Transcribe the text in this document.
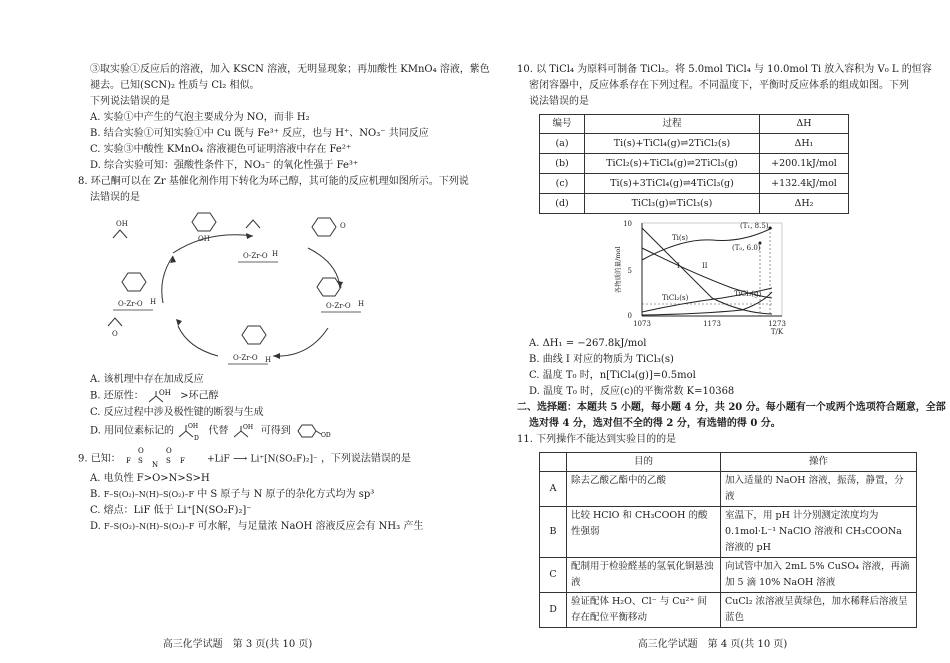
③取实验①反应后的溶液，加入 KSCN 溶液，无明显现象；再加酸性 KMnO₄ 溶液，紫色
褪去。已知(SCN)₂ 性质与 Cl₂ 相似。
下列说法错误的是
A. 实验①中产生的气泡主要成分为 NO，而非 H₂
B. 结合实验①可知实验①中 Cu 既与 Fe³⁺ 反应，也与 H⁺、NO₃⁻ 共同反应
C. 实验③中酸性 KMnO₄ 溶液褪色可证明溶液中存在 Fe²⁺
D. 综合实验可知：强酸性条件下，NO₃⁻ 的氧化性强于 Fe³⁺
8. 环己酮可以在 Zr 基催化剂作用下转化为环己醇，其可能的反应机理如图所示。下列说
法错误的是
OH
OH	O
O-Zr-O
O-Zr-O
O-Zr-O
O-Zr-O
H
H
H
H
O
A. 该机理中存在加成反应
B. 还原性： OH >环己醇
C. 反应过程中涉及极性键的断裂与生成
D. 用同位素标记的 OH
D
代替 OH 可得到	OD
9. 已知： F S N S F
O	O
+LiF ⟶ Li⁺[N(SO₂F)₂]⁻ ，下列说法错误的是
A. 电负性 F>O>N>S>H
B. F–S(O₂)–N(H)–S(O₂)–F 中 S 原子与 N 原子的杂化方式均为 sp³
C. 熔点：LiF 低于 Li⁺[N(SO₂F)₂]⁻
D. F–S(O₂)–N(H)–S(O₂)–F 可水解，与足量浓 NaOH 溶液反应会有 NH₃ 产生
高三化学试题　第 3 页(共 10 页)
10. 以 TiCl₄ 为原料可制备 TiCl₂。将 5.0mol TiCl₄ 与 10.0mol Ti 放入容积为 V₀ L 的恒容
密闭容器中，反应体系存在下列过程。不同温度下，平衡时反应体系的组成如图。下列
说法错误的是
编号	过程	ΔH
(a)	Ti(s)+TiCl₄(g)⇌2TiCl₂(s)	ΔH₁
(b)	TiCl₂(s)+TiCl₄(g)⇌2TiCl₃(g)	+200.1kJ/mol
(c)	Ti(s)+3TiCl₄(g)⇌4TiCl₃(g)	+132.4kJ/mol
(d)	TiCl₃(g)⇌TiCl₃(s)	ΔH₂
10
5
0
1073	1173	1273
T/K
Ti(s)
I	II
TiCl₂(s)	TiCl₃(g)
(T₁, 8.5)
(T₀, 6.0)
各物质的量/mol
A. ΔH₁ = −267.8kJ/mol
B. 曲线 I 对应的物质为 TiCl₃(s)
C. 温度 T₀ 时，n[TiCl₄(g)]=0.5mol
D. 温度 T₀ 时，反应(c)的平衡常数 K=10368
二、选择题：本题共 5 小题，每小题 4 分，共 20 分。每小题有一个或两个选项符合题意，全部
选对得 4 分，选对但不全的得 2 分，有选错的得 0 分。
11. 下列操作不能达到实验目的的是
	目的	操作
A	除去乙酸乙酯中的乙酸	加入适量的 NaOH 溶液，振荡，静置，分液
B	比较 HClO 和 CH₃COOH 的酸性强弱	室温下，用 pH 计分别测定浓度均为 0.1mol·L⁻¹ NaClO 溶液和 CH₃COONa 溶液的 pH
C	配制用于检验醛基的氢氧化铜悬浊液	向试管中加入 2mL 5% CuSO₄ 溶液，再滴加 5 滴 10% NaOH 溶液
D	验证配体 H₂O、Cl⁻ 与 Cu²⁺ 间存在配位平衡移动	CuCl₂ 浓溶液呈黄绿色，加水稀释后溶液呈蓝色
高三化学试题　第 4 页(共 10 页)
